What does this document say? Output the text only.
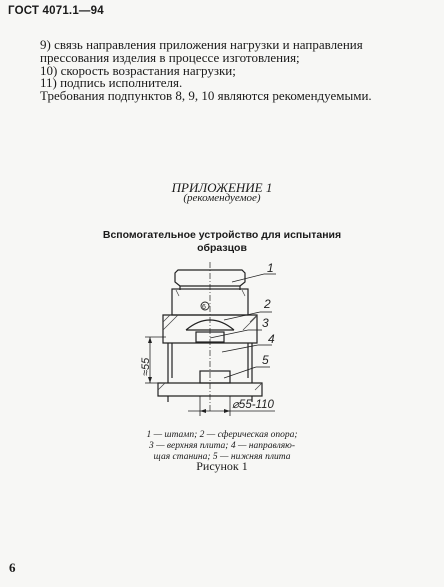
ГОСТ 4071.1—94
9) связь направления приложения нагрузки и направления
прессования изделия в процессе изготовления;
10) скорость возрастания нагрузки;
11) подпись исполнителя.
Требования подпунктов 8, 9, 10 являются рекомендуемыми.
ПРИЛОЖЕНИЕ 1
(рекомендуемое)
Вспомогательное устройство для испытания
образцов
1
2
3
4
5
6
≈55
⌀55-110
1 — штамп; 2 — сферическая опора;
3 — верхняя плита; 4 — направляю-
щая станина; 5 — нижняя плита
Рисунок 1
6
